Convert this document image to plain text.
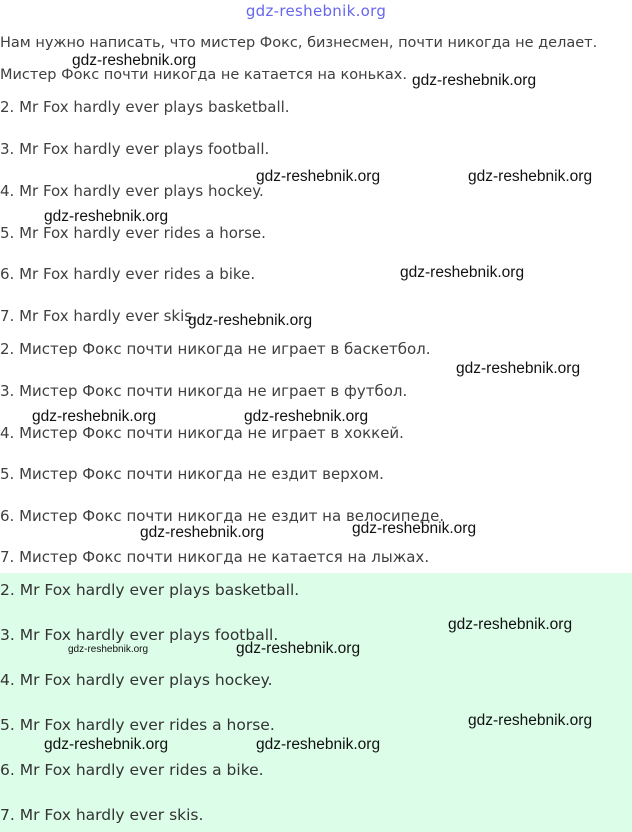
gdz-reshebnik.org
Нам нужно написать, что мистер Фокс, бизнесмен, почти никогда не делает.
Мистер Фокс почти никогда не катается на коньках.
2. Mr Fox hardly ever plays basketball.
3. Mr Fox hardly ever plays football.
4. Mr Fox hardly ever plays hockey.
5. Mr Fox hardly ever rides a horse.
6. Mr Fox hardly ever rides a bike.
7. Mr Fox hardly ever skis.
2. Мистер Фокс почти никогда не играет в баскетбол.
3. Мистер Фокс почти никогда не играет в футбол.
4. Мистер Фокс почти никогда не играет в хоккей.
5. Мистер Фокс почти никогда не ездит верхом.
6. Мистер Фокс почти никогда не ездит на велосипеде.
7. Мистер Фокс почти никогда не катается на лыжах.
2. Mr Fox hardly ever plays basketball.
3. Mr Fox hardly ever plays football.
4. Mr Fox hardly ever plays hockey.
5. Mr Fox hardly ever rides a horse.
6. Mr Fox hardly ever rides a bike.
7. Mr Fox hardly ever skis.
gdz-reshebnik.org
gdz-reshebnik.org
gdz-reshebnik.org	gdz-reshebnik.org
gdz-reshebnik.org
gdz-reshebnik.org
gdz-reshebnik.org
gdz-reshebnik.org
gdz-reshebnik.org	gdz-reshebnik.org
gdz-reshebnik.org	gdz-reshebnik.org
gdz-reshebnik.org
gdz-reshebnik.org	gdz-reshebnik.org
gdz-reshebnik.org
gdz-reshebnik.org	gdz-reshebnik.org
